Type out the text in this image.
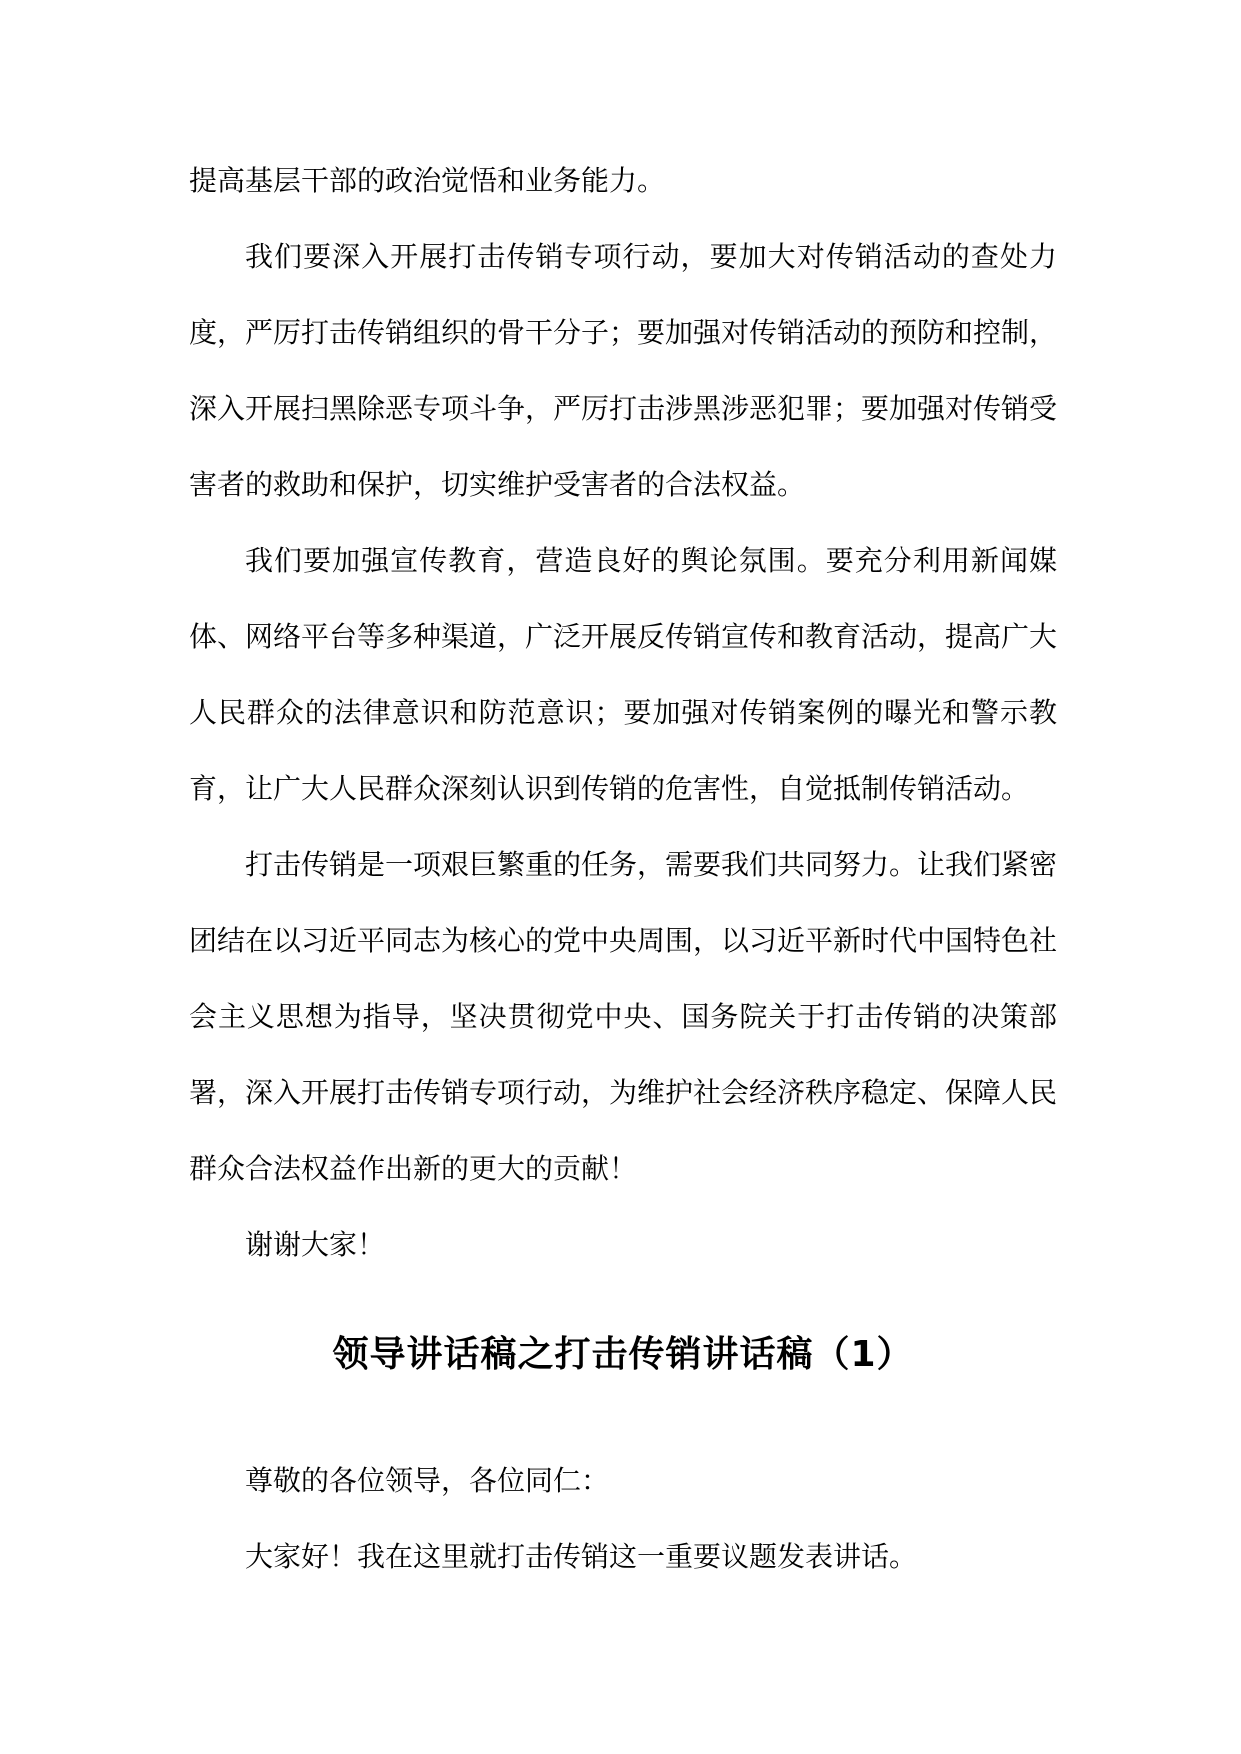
提高基层干部的政治觉悟和业务能力。

我们要深入开展打击传销专项行动，要加大对传销活动的查处力度，严厉打击传销组织的骨干分子；要加强对传销活动的预防和控制，深入开展扫黑除恶专项斗争，严厉打击涉黑涉恶犯罪；要加强对传销受害者的救助和保护，切实维护受害者的合法权益。

我们要加强宣传教育，营造良好的舆论氛围。要充分利用新闻媒体、网络平台等多种渠道，广泛开展反传销宣传和教育活动，提高广大人民群众的法律意识和防范意识；要加强对传销案例的曝光和警示教育，让广大人民群众深刻认识到传销的危害性，自觉抵制传销活动。

打击传销是一项艰巨繁重的任务，需要我们共同努力。让我们紧密团结在以习近平同志为核心的党中央周围，以习近平新时代中国特色社会主义思想为指导，坚决贯彻党中央、国务院关于打击传销的决策部署，深入开展打击传销专项行动，为维护社会经济秩序稳定、保障人民群众合法权益作出新的更大的贡献！

谢谢大家！

领导讲话稿之打击传销讲话稿（1）

尊敬的各位领导，各位同仁：

大家好！我在这里就打击传销这一重要议题发表讲话。
